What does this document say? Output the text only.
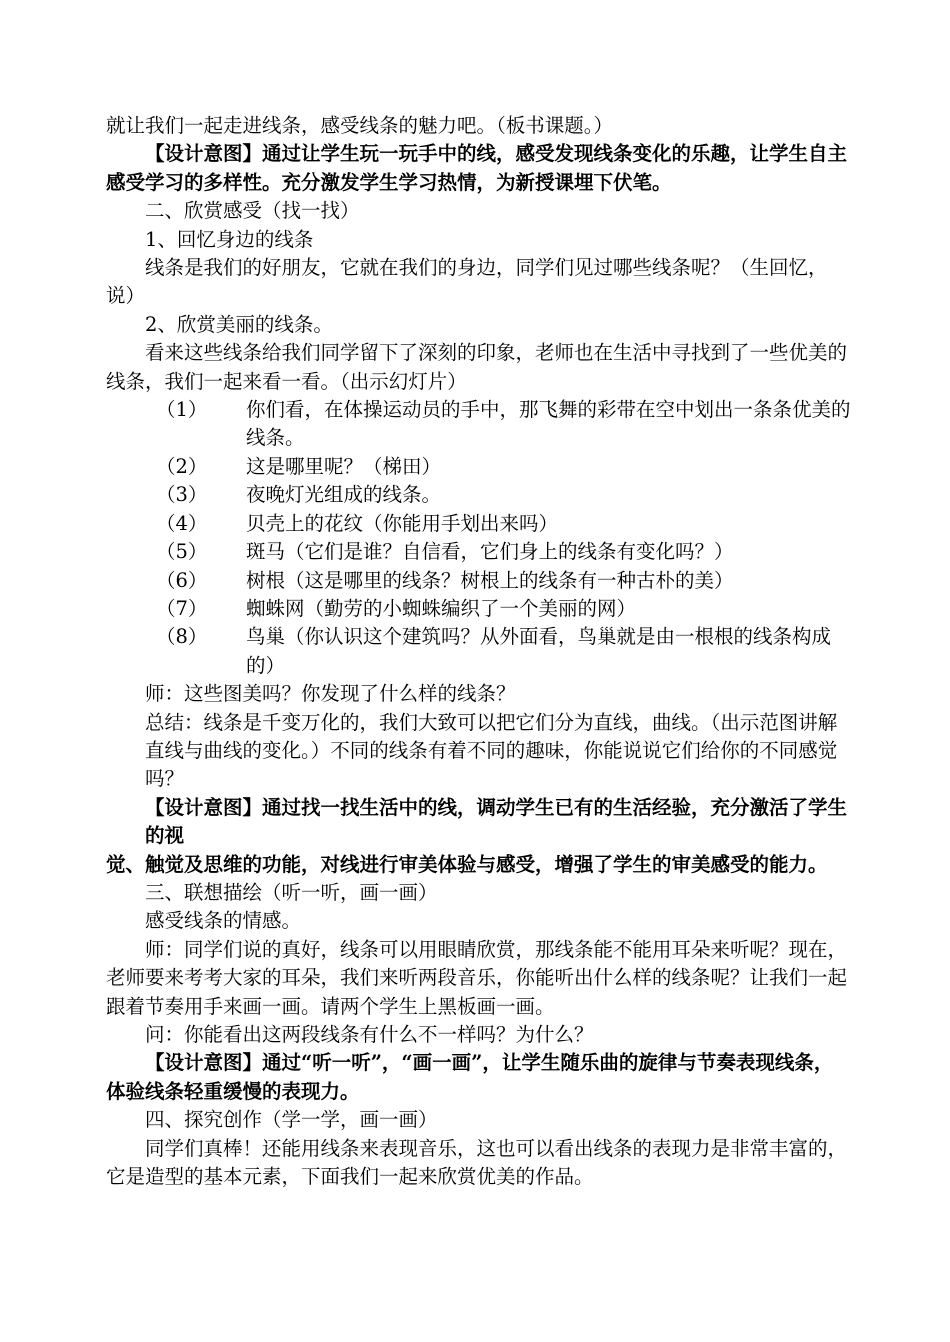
就让我们一起走进线条，感受线条的魅力吧。（板书课题。）

【设计意图】通过让学生玩一玩手中的线，感受发现线条变化的乐趣，让学生自主感受学习的多样性。充分激发学生学习热情，为新授课埋下伏笔。

二、欣赏感受（找一找）

1、回忆身边的线条

线条是我们的好朋友，它就在我们的身边，同学们见过哪些线条呢？（生回忆，说）

2、欣赏美丽的线条。

看来这些线条给我们同学留下了深刻的印象，老师也在生活中寻找到了一些优美的线条，我们一起来看一看。（出示幻灯片）

（1）	你们看，在体操运动员的手中，那飞舞的彩带在空中划出一条条优美的线条。
（2）	这是哪里呢？（梯田）
（3）	夜晚灯光组成的线条。
（4）	贝壳上的花纹（你能用手划出来吗）
（5）	斑马（它们是谁？自信看，它们身上的线条有变化吗？）
（6）	树根（这是哪里的线条？树根上的线条有一种古朴的美）
（7）	蜘蛛网（勤劳的小蜘蛛编织了一个美丽的网）
（8）	鸟巢（你认识这个建筑吗？从外面看，鸟巢就是由一根根的线条构成的）

师：这些图美吗？你发现了什么样的线条？

总结：线条是千变万化的，我们大致可以把它们分为直线，曲线。（出示范图讲解直线与曲线的变化。）不同的线条有着不同的趣味，你能说说它们给你的不同感觉吗？

【设计意图】通过找一找生活中的线，调动学生已有的生活经验，充分激活了学生的视

觉、触觉及思维的功能，对线进行审美体验与感受，增强了学生的审美感受的能力。

三、联想描绘（听一听，画一画）

感受线条的情感。

师：同学们说的真好，线条可以用眼睛欣赏，那线条能不能用耳朵来听呢？现在，老师要来考考大家的耳朵，我们来听两段音乐，你能听出什么样的线条呢？让我们一起跟着节奏用手来画一画。请两个学生上黑板画一画。

问：你能看出这两段线条有什么不一样吗？为什么？

【设计意图】通过“听一听”，“画一画”，让学生随乐曲的旋律与节奏表现线条，体验线条轻重缓慢的表现力。

四、探究创作（学一学，画一画）

同学们真棒！还能用线条来表现音乐，这也可以看出线条的表现力是非常丰富的，它是造型的基本元素，下面我们一起来欣赏优美的作品。
